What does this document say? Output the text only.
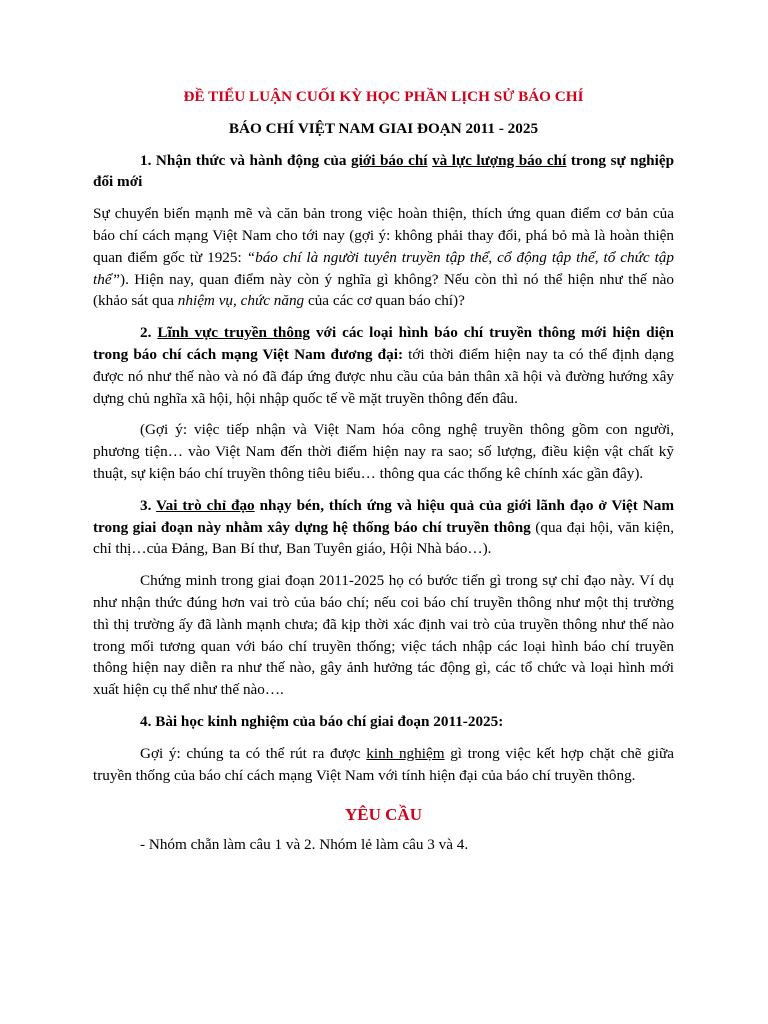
ĐỀ TIỂU LUẬN CUỐI KỲ HỌC PHẦN LỊCH SỬ BÁO CHÍ

BÁO CHÍ VIỆT NAM GIAI ĐOẠN 2011 - 2025

1. Nhận thức và hành động của giới báo chí và lực lượng báo chí trong sự nghiệp đổi mới

Sự chuyển biến mạnh mẽ và căn bản trong việc hoàn thiện, thích ứng quan điểm cơ bản của báo chí cách mạng Việt Nam cho tới nay (gợi ý: không phải thay đổi, phá bỏ mà là hoàn thiện quan điểm gốc từ 1925: “báo chí là người tuyên truyền tập thể, cổ động tập thể, tổ chức tập thể”). Hiện nay, quan điểm này còn ý nghĩa gì không? Nếu còn thì nó thể hiện như thế nào (khảo sát qua nhiệm vụ, chức năng của các cơ quan báo chí)?

2. Lĩnh vực truyền thông với các loại hình báo chí truyền thông mới hiện diện trong báo chí cách mạng Việt Nam đương đại: tới thời điểm hiện nay ta có thể định dạng được nó như thế nào và nó đã đáp ứng được nhu cầu của bản thân xã hội và đường hướng xây dựng chủ nghĩa xã hội, hội nhập quốc tế về mặt truyền thông đến đâu.

(Gợi ý: việc tiếp nhận và Việt Nam hóa công nghệ truyền thông gồm con người, phương tiện… vào Việt Nam đến thời điểm hiện nay ra sao; số lượng, điều kiện vật chất kỹ thuật, sự kiện báo chí truyền thông tiêu biểu… thông qua các thống kê chính xác gần đây).

3. Vai trò chỉ đạo nhạy bén, thích ứng và hiệu quả của giới lãnh đạo ở Việt Nam trong giai đoạn này nhằm xây dựng hệ thống báo chí truyền thông (qua đại hội, văn kiện, chỉ thị…của Đảng, Ban Bí thư, Ban Tuyên giáo, Hội Nhà báo…).

Chứng minh trong giai đoạn 2011-2025 họ có bước tiến gì trong sự chỉ đạo này. Ví dụ như nhận thức đúng hơn vai trò của báo chí; nếu coi báo chí truyền thông như một thị trường thì thị trường ấy đã lành mạnh chưa; đã kịp thời xác định vai trò của truyền thông như thế nào trong mối tương quan với báo chí truyền thống; việc tách nhập các loại hình báo chí truyền thông hiện nay diễn ra như thế nào, gây ảnh hưởng tác động gì, các tổ chức và loại hình mới xuất hiện cụ thể như thế nào….

4. Bài học kinh nghiệm của báo chí giai đoạn 2011-2025:

Gợi ý: chúng ta có thể rút ra được kinh nghiệm gì trong việc kết hợp chặt chẽ giữa truyền thống của báo chí cách mạng Việt Nam với tính hiện đại của báo chí truyền thông.

YÊU CẦU

- Nhóm chẵn làm câu 1 và 2. Nhóm lẻ làm câu 3 và 4.
